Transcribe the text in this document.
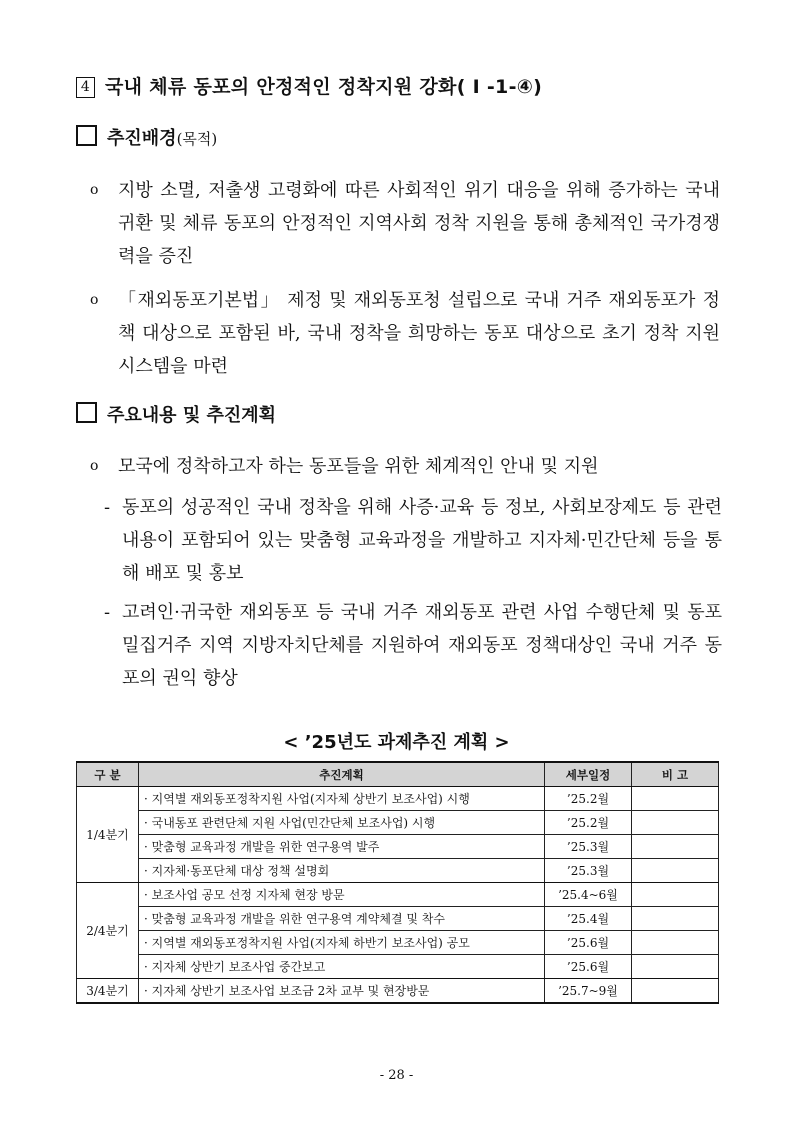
4 국내 체류 동포의 안정적인 정착지원 강화( I -1-④)
추진배경(목적)
o 지방 소멸, 저출생 고령화에 따른 사회적인 위기 대응을 위해 증가하는 국내 귀환 및 체류 동포의 안정적인 지역사회 정착 지원을 통해 총체적인 국가경쟁력을 증진
o 「재외동포기본법」 제정 및 재외동포청 설립으로 국내 거주 재외동포가 정책 대상으로 포함된 바, 국내 정착을 희망하는 동포 대상으로 초기 정착 지원시스템을 마련
주요내용 및 추진계획
o 모국에 정착하고자 하는 동포들을 위한 체계적인 안내 및 지원
- 동포의 성공적인 국내 정착을 위해 사증·교육 등 정보, 사회보장제도 등 관련 내용이 포함되어 있는 맞춤형 교육과정을 개발하고 지자체·민간단체 등을 통해 배포 및 홍보
- 고려인·귀국한 재외동포 등 국내 거주 재외동포 관련 사업 수행단체 및 동포밀집거주 지역 지방자치단체를 지원하여 재외동포 정책대상인 국내 거주 동포의 권익 향상
< ’25년도 과제추진 계획 >
구 분	추진계획	세부일정	비 고
1/4분기	· 지역별 재외동포정착지원 사업(지자체 상반기 보조사업) 시행	’25.2월	
	· 국내동포 관련단체 지원 사업(민간단체 보조사업) 시행	’25.2월	
	· 맞춤형 교육과정 개발을 위한 연구용역 발주	’25.3월	
	· 지자체·동포단체 대상 정책 설명회	’25.3월	
2/4분기	· 보조사업 공모 선정 지자체 현장 방문	’25.4~6월	
	· 맞춤형 교육과정 개발을 위한 연구용역 계약체결 및 착수	’25.4월	
	· 지역별 재외동포정착지원 사업(지자체 하반기 보조사업) 공모	’25.6월	
	· 지자체 상반기 보조사업 중간보고	’25.6월	
3/4분기	· 지자체 상반기 보조사업 보조금 2차 교부 및 현장방문	’25.7~9월	
- 28 -
